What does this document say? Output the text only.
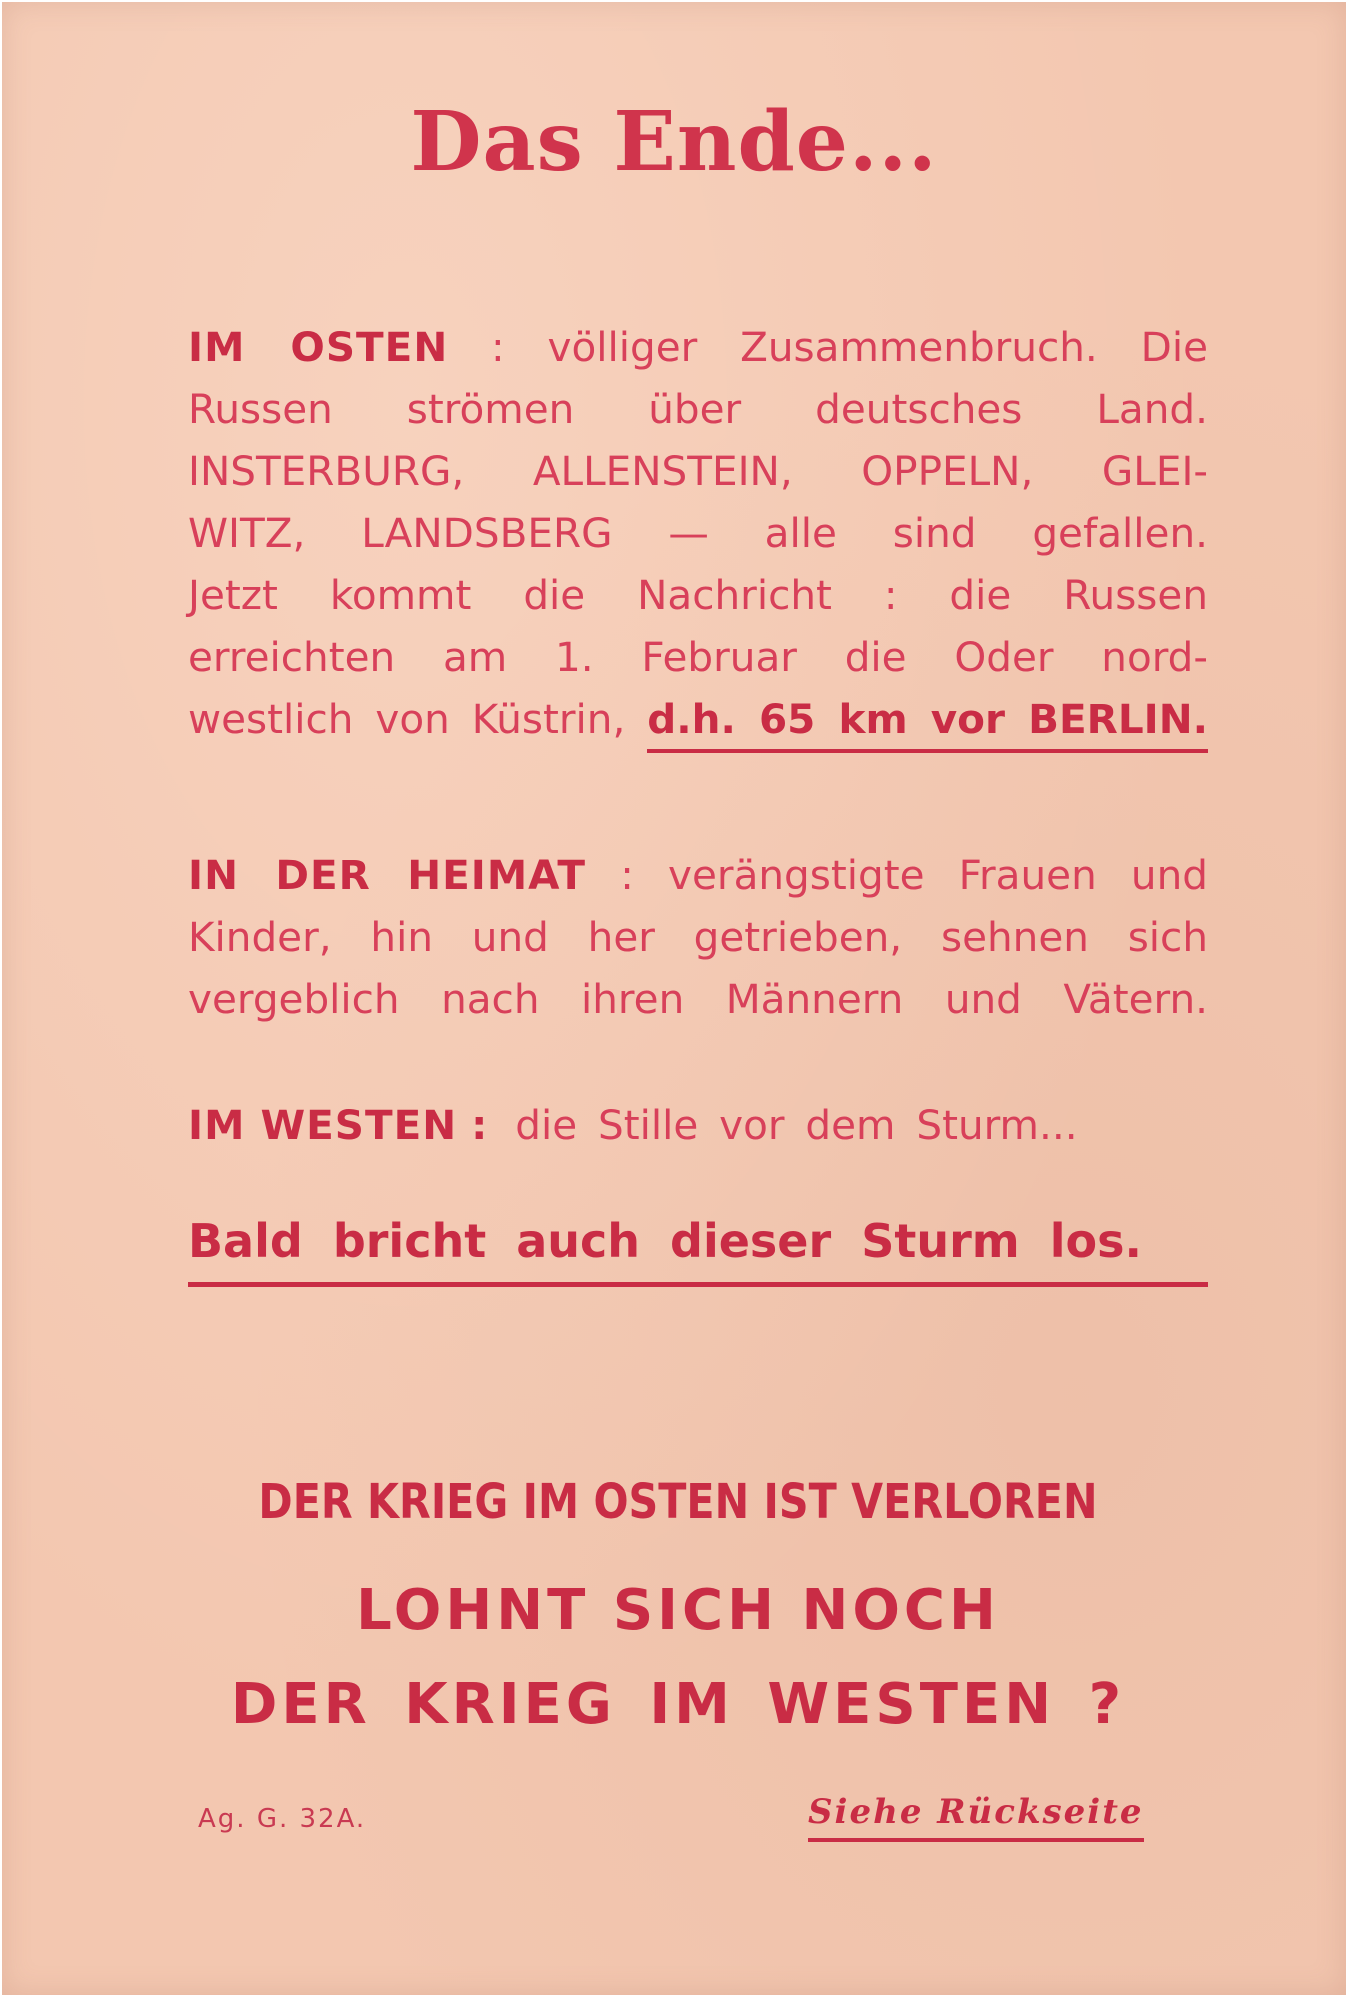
Das Ende...
IM OSTEN : völliger Zusammenbruch. Die
Russen strömen über deutsches Land.
INSTERBURG, ALLENSTEIN, OPPELN, GLEI-
WITZ, LANDSBERG — alle sind gefallen.
Jetzt kommt die Nachricht : die Russen
erreichten am 1. Februar die Oder nord-
westlich von Küstrin, d.h. 65 km vor BERLIN.
IN DER HEIMAT : verängstigte Frauen und
Kinder, hin und her getrieben, sehnen sich
vergeblich nach ihren Männern und Vätern.
IM WESTEN : die Stille vor dem Sturm...
Bald bricht auch dieser Sturm los.
DER KRIEG IM OSTEN IST VERLOREN
LOHNT SICH NOCH
DER KRIEG IM WESTEN ?
Ag. G. 32A.	Siehe Rückseite
